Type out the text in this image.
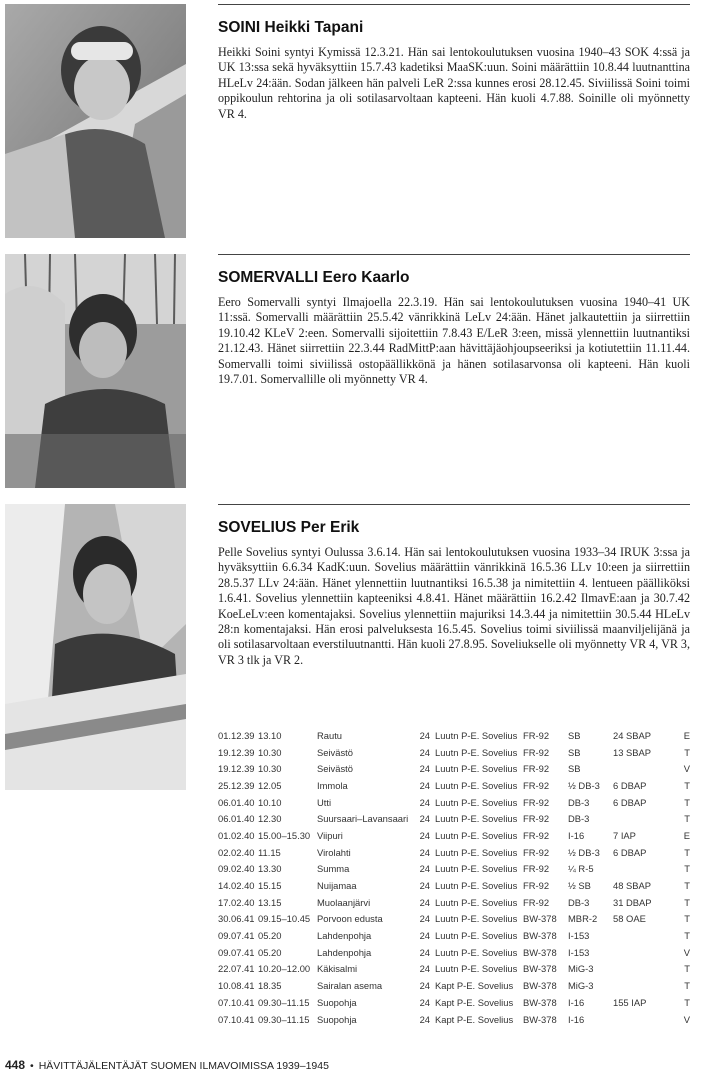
SOINI Heikki Tapani

Heikki Soini syntyi Kymissä 12.3.21. Hän sai lentokoulutuksen vuosina 1940–43 SOK 4:ssä ja UK 13:ssa sekä hyväksyttiin 15.7.43 kadetiksi MaaSK:uun. Soini määrättiin 10.8.44 luutnanttina HLeLv 24:ään. Sodan jälkeen hän palveli LeR 2:ssa kunnes erosi 28.12.45. Siviilissä Soini toimi oppikoulun rehtorina ja oli sotilasarvoltaan kapteeni. Hän kuoli 4.7.88. Soinille oli myönnetty VR 4.

SOMERVALLI Eero Kaarlo

Eero Somervalli syntyi Ilmajoella 22.3.19. Hän sai lentokoulutuksen vuosina 1940–41 UK 11:ssä. Somervalli määrättiin 25.5.42 vänrikkinä LeLv 24:ään. Hänet jalkautettiin ja siirrettiin 19.10.42 KLeV 2:een. Somervalli sijoitettiin 7.8.43 E/LeR 3:een, missä ylennettiin luutnantiksi 21.12.43. Hänet siirrettiin 22.3.44 RadMittP:aan hävittäjäohjoupseeriksi ja kotiutettiin 11.11.44. Somervalli toimi siviilissä ostopäällikkönä ja hänen sotilasarvonsa oli kapteeni. Hän kuoli 19.7.01. Somervallille oli myönnetty VR 4.

SOVELIUS Per Erik

Pelle Sovelius syntyi Oulussa 3.6.14. Hän sai lentokoulutuksen vuosina 1933–34 IRUK 3:ssa ja hyväksyttiin 6.6.34 KadK:uun. Sovelius määrättiin vänrikkinä 16.5.36 LLv 10:een ja siirrettiin 28.5.37 LLv 24:ään. Hänet ylennettiin luutnantiksi 16.5.38 ja nimitettiin 4. lentueen päälliköksi 1.6.41. Sovelius ylennettiin kapteeniksi 4.8.41. Hänet määrättiin 16.2.42 IlmavE:aan ja 30.7.42 KoeLeLv:een komentajaksi. Sovelius ylennettiin majuriksi 14.3.44 ja nimitettiin 30.5.44 HLeLv 28:n komentajaksi. Hän erosi palveluksesta 16.5.45. Sovelius toimi siviilissä maanviljelijänä ja oli sotilasarvoltaan everstiluutnantti. Hän kuoli 27.8.95. Soveliukselle oli myönnetty VR 4, VR 3, VR 3 tlk ja VR 2.

01.12.39	13.10	Rautu	24	Luutn P-E. Sovelius	FR-92	SB	24 SBAP	E
19.12.39	10.30	Seivästö	24	Luutn P-E. Sovelius	FR-92	SB	13 SBAP	T
19.12.39	10.30	Seivästö	24	Luutn P-E. Sovelius	FR-92	SB		V
25.12.39	12.05	Immola	24	Luutn P-E. Sovelius	FR-92	½ DB-3	6 DBAP	T
06.01.40	10.10	Utti	24	Luutn P-E. Sovelius	FR-92	DB-3	6 DBAP	T
06.01.40	12.30	Suursaari–Lavansaari	24	Luutn P-E. Sovelius	FR-92	DB-3		T
01.02.40	15.00–15.30	Viipuri	24	Luutn P-E. Sovelius	FR-92	I-16	7 IAP	E
02.02.40	11.15	Virolahti	24	Luutn P-E. Sovelius	FR-92	½ DB-3	6 DBAP	T
09.02.40	13.30	Summa	24	Luutn P-E. Sovelius	FR-92	¼ R-5		T
14.02.40	15.15	Nuijamaa	24	Luutn P-E. Sovelius	FR-92	½ SB	48 SBAP	T
17.02.40	13.15	Muolaanjärvi	24	Luutn P-E. Sovelius	FR-92	DB-3	31 DBAP	T
30.06.41	09.15–10.45	Porvoon edusta	24	Luutn P-E. Sovelius	BW-378	MBR-2	58 OAE	T
09.07.41	05.20	Lahdenpohja	24	Luutn P-E. Sovelius	BW-378	I-153		T
09.07.41	05.20	Lahdenpohja	24	Luutn P-E. Sovelius	BW-378	I-153		V
22.07.41	10.20–12.00	Käkisalmi	24	Luutn P-E. Sovelius	BW-378	MiG-3		T
10.08.41	18.35	Sairalan asema	24	Kapt P-E. Sovelius	BW-378	MiG-3		T
07.10.41	09.30–11.15	Suopohja	24	Kapt P-E. Sovelius	BW-378	I-16	155 IAP	T
07.10.41	09.30–11.15	Suopohja	24	Kapt P-E. Sovelius	BW-378	I-16		V
448 • HÄVITTÄJÄLENTÄJÄT SUOMEN ILMAVOIMISSA 1939–1945
